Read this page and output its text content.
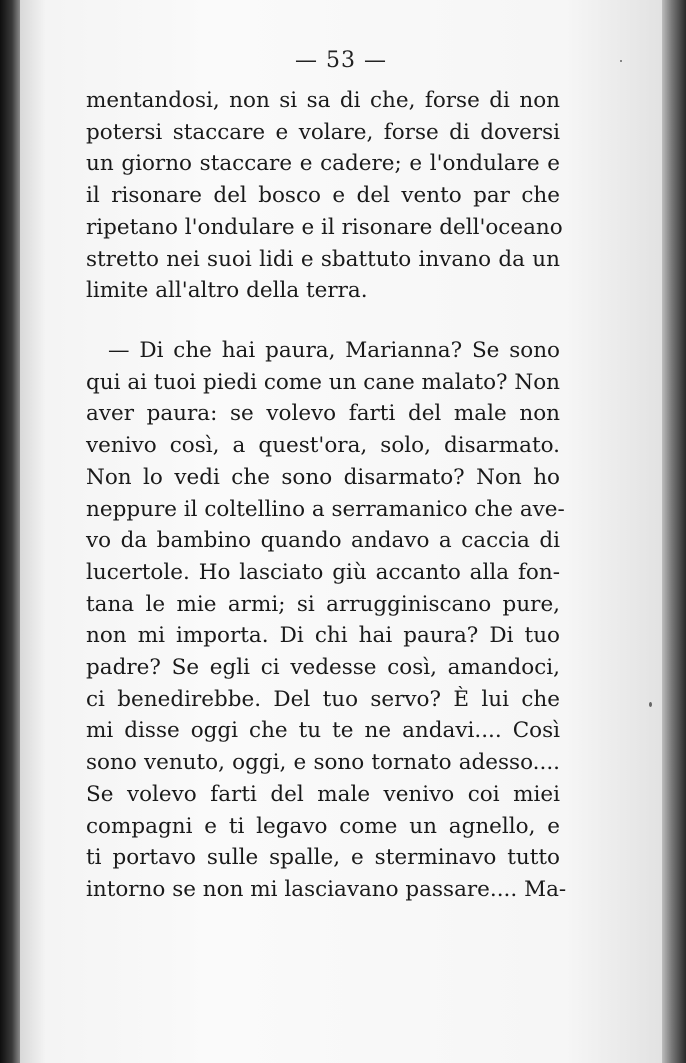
— 53 —
mentandosi, non si sa di che, forse di non
potersi staccare e volare, forse di doversi
un giorno staccare e cadere; e l'ondulare e
il risonare del bosco e del vento par che
ripetano l'ondulare e il risonare dell'oceano
stretto nei suoi lidi e sbattuto invano da un
limite all'altro della terra.
— Di che hai paura, Marianna? Se sono
qui ai tuoi piedi come un cane malato? Non
aver paura: se volevo farti del male non
venivo così, a quest'ora, solo, disarmato.
Non lo vedi che sono disarmato? Non ho
neppure il coltellino a serramanico che ave-
vo da bambino quando andavo a caccia di
lucertole. Ho lasciato giù accanto alla fon-
tana le mie armi; si arrugginiscano pure,
non mi importa. Di chi hai paura? Di tuo
padre? Se egli ci vedesse così, amandoci,
ci benedirebbe. Del tuo servo? È lui che
mi disse oggi che tu te ne andavi.... Così
sono venuto, oggi, e sono tornato adesso....
Se volevo farti del male venivo coi miei
compagni e ti legavo come un agnello, e
ti portavo sulle spalle, e sterminavo tutto
intorno se non mi lasciavano passare.... Ma-
